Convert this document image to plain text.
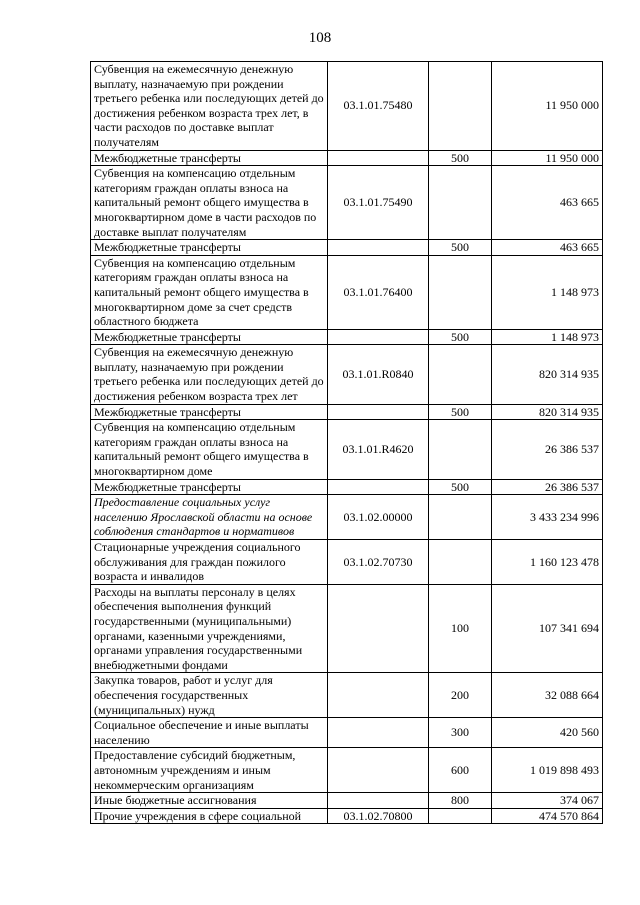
108
Субвенция на ежемесячную денежную выплату, назначаемую при рождении третьего ребенка или последующих детей до достижения ребенком возраста трех лет, в части расходов по доставке выплат получателям	03.1.01.75480		11 950 000
Межбюджетные трансферты		500	11 950 000
Субвенция на компенсацию отдельным категориям граждан оплаты взноса на капитальный ремонт общего имущества в многоквартирном доме в части расходов по доставке выплат получателям	03.1.01.75490		463 665
Межбюджетные трансферты		500	463 665
Субвенция на компенсацию отдельным категориям граждан оплаты взноса на капитальный ремонт общего имущества в многоквартирном доме за счет средств областного бюджета	03.1.01.76400		1 148 973
Межбюджетные трансферты		500	1 148 973
Субвенция на ежемесячную денежную выплату, назначаемую при рождении третьего ребенка или последующих детей до достижения ребенком возраста трех лет	03.1.01.R0840		820 314 935
Межбюджетные трансферты		500	820 314 935
Субвенция на компенсацию отдельным категориям граждан оплаты взноса на капитальный ремонт общего имущества в многоквартирном доме	03.1.01.R4620		26 386 537
Межбюджетные трансферты		500	26 386 537
Предоставление социальных услуг населению Ярославской области на основе соблюдения стандартов и нормативов	03.1.02.00000		3 433 234 996
Стационарные учреждения социального обслуживания для граждан пожилого возраста и инвалидов	03.1.02.70730		1 160 123 478
Расходы на выплаты персоналу в целях обеспечения выполнения функций государственными (муниципальными) органами, казенными учреждениями, органами управления государственными внебюджетными фондами		100	107 341 694
Закупка товаров, работ и услуг для обеспечения государственных (муниципальных) нужд		200	32 088 664
Социальное обеспечение и иные выплаты населению		300	420 560
Предоставление субсидий бюджетным, автономным учреждениям и иным некоммерческим организациям		600	1 019 898 493
Иные бюджетные ассигнования		800	374 067
Прочие учреждения в сфере социальной	03.1.02.70800		474 570 864
